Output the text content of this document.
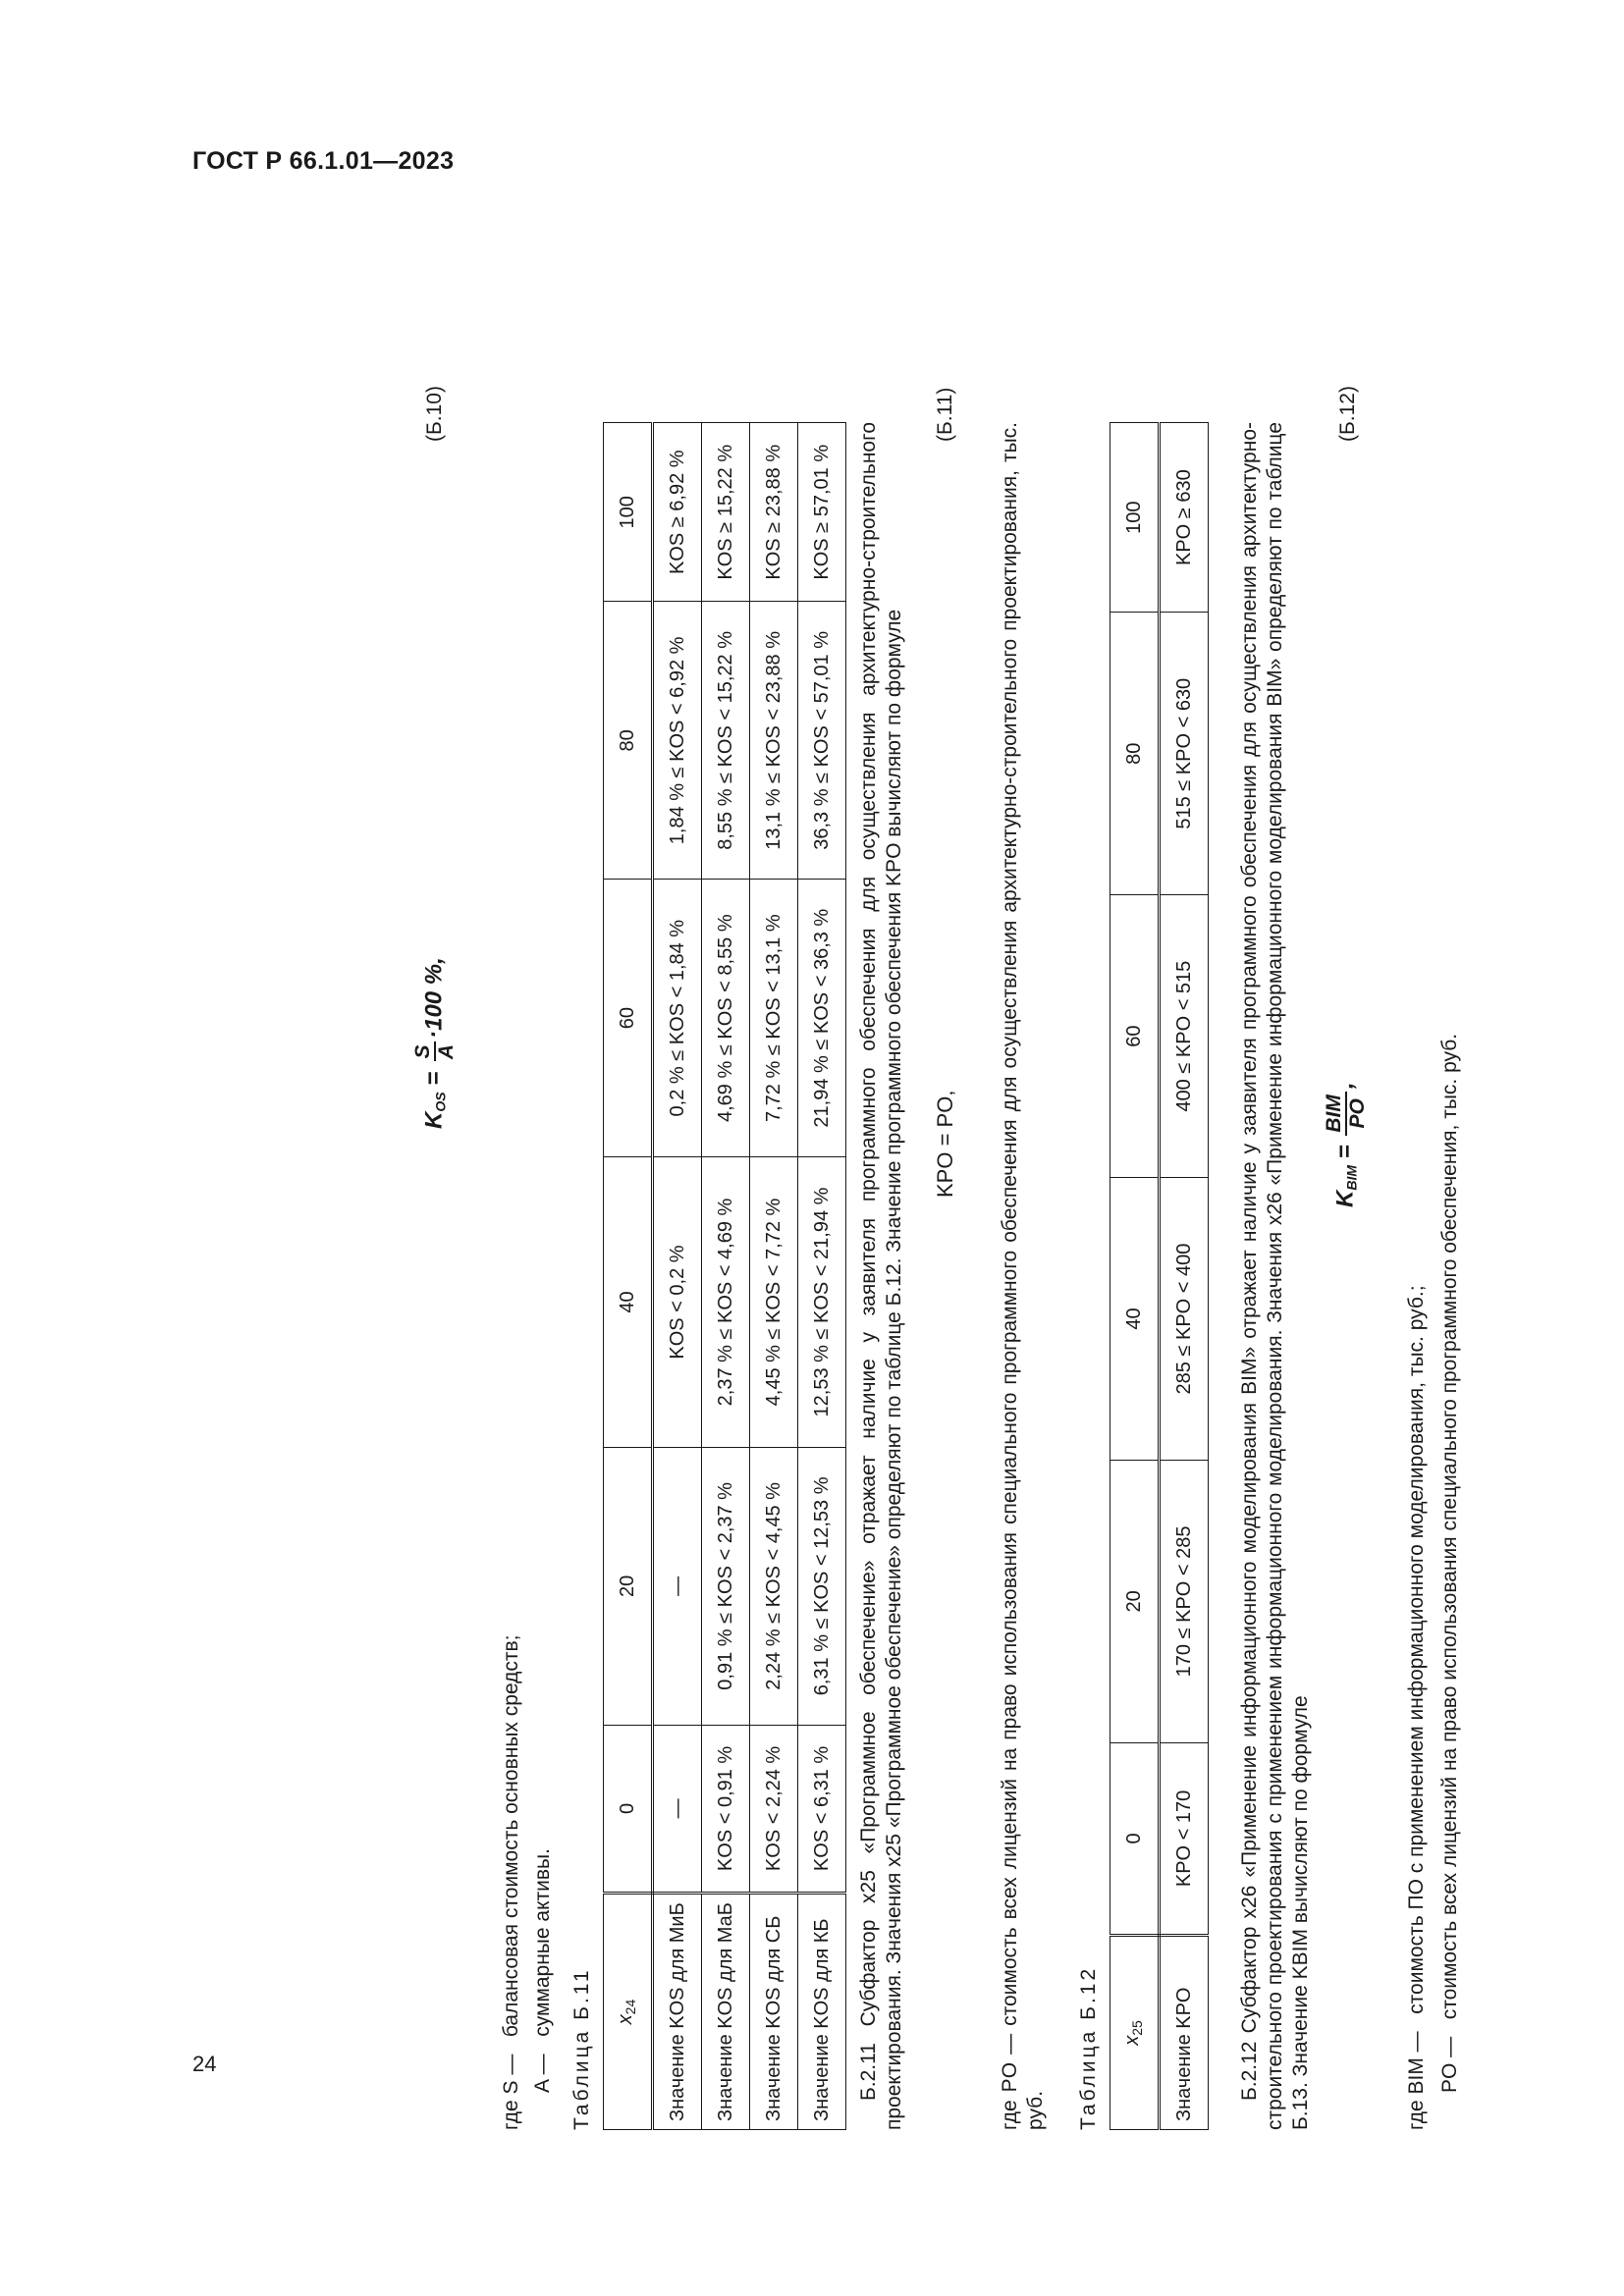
ГОСТ Р 66.1.01—2023
24
$K_{OS}$ =
S A
·100 %,
(Б.10)
где S —   балансовая стоимость основных средств;
A —   суммарные активы.
Таблица Б.11 $x_{24}$	0	20	40	60	80	100
Значение KOS для МиБ	—	—	KOS < 0,2 %	0,2 % ≤ KOS < 1,84 %	1,84 % ≤ KOS < 6,92 %	KOS ≥ 6,92 %
Значение KOS для МаБ	KOS < 0,91 %	0,91 % ≤ KOS < 2,37 %	2,37 % ≤ KOS < 4,69 %	4,69 % ≤ KOS < 8,55 %	8,55 % ≤ KOS < 15,22 %	KOS ≥ 15,22 %
Значение KOS для СБ	KOS < 2,24 %	2,24 % ≤ KOS < 4,45 %	4,45 % ≤ KOS < 7,72 %	7,72 % ≤ KOS < 13,1 %	13,1 % ≤ KOS < 23,88 %	KOS ≥ 23,88 %
Значение KOS для КБ	KOS < 6,31 %	6,31 % ≤ KOS < 12,53 %	12,53 % ≤ KOS < 21,94 %	21,94 % ≤ KOS < 36,3 %	36,3 % ≤ KOS < 57,01 %	KOS ≥ 57,01 % Б.2.11 Субфактор x25 «Программное обеспечение» отражает наличие у заявителя программного обеспечения для осуществления архитектурно-строительного проектирования. Значения x25 «Программное обеспечение» определяют по таблице Б.12. Значение программного обеспечения KPO вычисляют по формуле KPO = PO,
(Б.11)
где PO — стоимость всех лицензий на право использования специального программного обеспечения для осуществления архитектурно-строительного проектирования, тыс. руб. Таблица Б.12 $x_{25}$	0	20	40	60	80	100
Значение KPO	KPO < 170	170 ≤ KPO < 285	285 ≤ KPO < 400	400 ≤ KPO < 515	515 ≤ KPO < 630	KPO ≥ 630 Б.2.12 Субфактор x26 «Применение информационного моделирования BIM» отражает наличие у заявителя программного обеспечения для осуществления архитектурно-строительного проектирования с применением информационного моделирования. Значения x26 «Применение информационного моделирования BIM» определяют по таблице Б.13. Значение KBIM вычисляют по формуле
$K_{BIM}$ =
BIM PO
,
(Б.12)
где BIM —   стоимость ПО с применением информационного моделирования, тыс. руб.;
PO —   стоимость всех лицензий на право использования специального программного обеспечения, тыс. руб.
